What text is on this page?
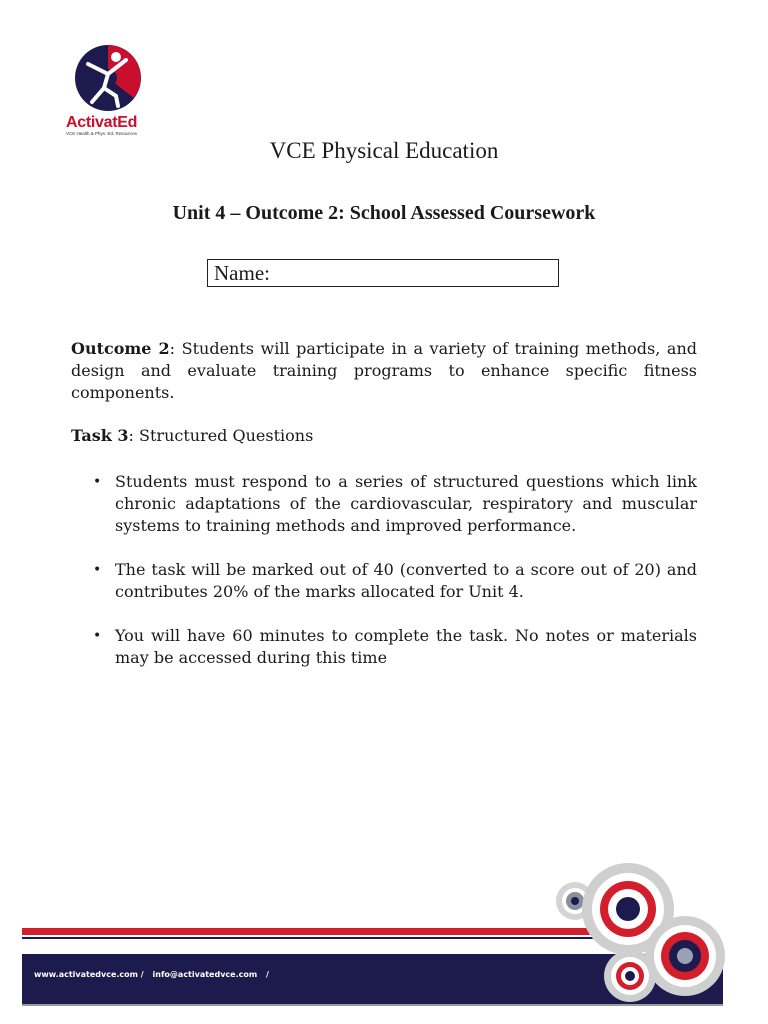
ActivatEd
VCE Health & Phys. Ed. Resources
VCE Physical Education
Unit 4 – Outcome 2: School Assessed Coursework
Name:
Outcome 2: Students will participate in a variety of training methods, and design and evaluate training programs to enhance specific fitness components.
Task 3: Structured Questions
• Students must respond to a series of structured questions which link chronic adaptations of the cardiovascular, respiratory and muscular systems to training methods and improved performance.
• The task will be marked out of 40 (converted to a score out of 20) and contributes 20% of the marks allocated for Unit 4.
• You will have 60 minutes to complete the task. No notes or materials may be accessed during this time
www.activatedvce.com / info@activatedvce.com /
